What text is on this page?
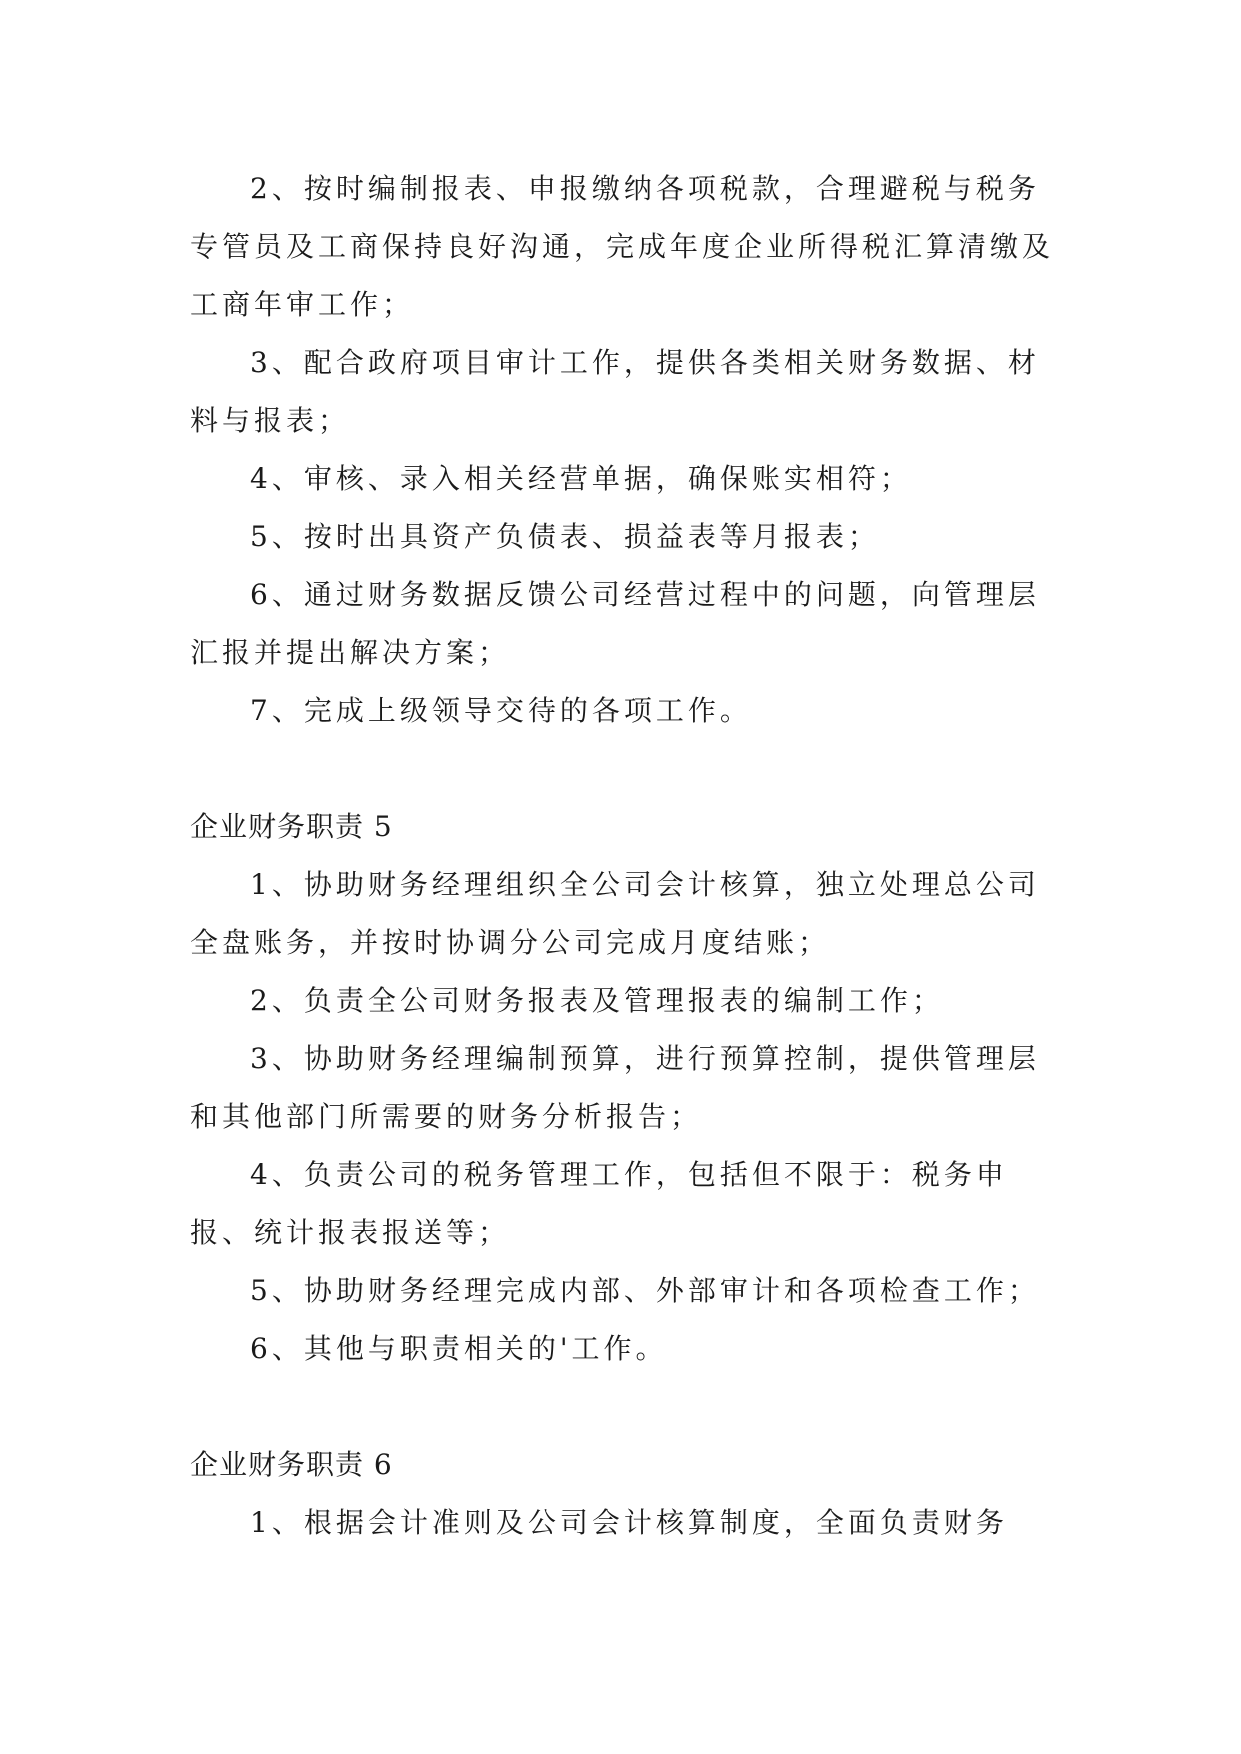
2、按时编制报表、申报缴纳各项税款，合理避税与税务专管员及工商保持良好沟通，完成年度企业所得税汇算清缴及工商年审工作；

3、配合政府项目审计工作，提供各类相关财务数据、材料与报表；

4、审核、录入相关经营单据，确保账实相符；

5、按时出具资产负债表、损益表等月报表；

6、通过财务数据反馈公司经营过程中的问题，向管理层汇报并提出解决方案；

7、完成上级领导交待的各项工作。

企业财务职责 5

1、协助财务经理组织全公司会计核算，独立处理总公司全盘账务，并按时协调分公司完成月度结账；

2、负责全公司财务报表及管理报表的编制工作；

3、协助财务经理编制预算，进行预算控制，提供管理层和其他部门所需要的财务分析报告；

4、负责公司的税务管理工作，包括但不限于：税务申报、统计报表报送等；

5、协助财务经理完成内部、外部审计和各项检查工作；

6、其他与职责相关的'工作。

企业财务职责 6

1、根据会计准则及公司会计核算制度，全面负责财务
